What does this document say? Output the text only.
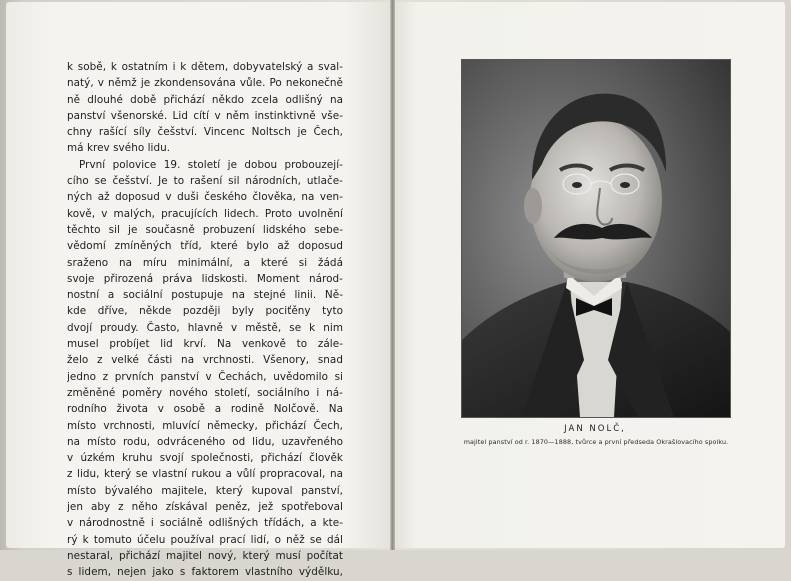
k sobě, k ostatním i k dětem, dobyvatelský a sval-
natý, v němž je zkondensována vůle. Po nekonečně
ně dlouhé době přichází někdo zcela odlišný na
panství všenorské. Lid cítí v něm instinktivně vše-
chny rašící síly češství. Vincenc Noltsch je Čech,
má krev svého lidu.
První polovice 19. století je dobou probouzejí-
cího se češství. Je to rašení sil národních, utlače-
ných až doposud v duši českého člověka, na ven-
kově, v malých, pracujících lidech. Proto uvolnění
těchto sil je současně probuzení lidského sebe-
vědomí zmíněných tříd, které bylo až doposud
sraženo na míru minimální, a které si žádá
svoje přirozená práva lidskosti. Moment národ-
nostní a sociální postupuje na stejné linii. Ně-
kde dříve, někde později byly pociťěny tyto
dvojí proudy. Často, hlavně v městě, se k nim
musel probíjet lid krví. Na venkově to zále-
želo z velké části na vrchnosti. Všenory, snad
jedno z prvních panství v Čechách, uvědomilo si
změněné poměry nového století, sociálního i ná-
rodního života v osobě a rodině Nolčově. Na
místo vrchnosti, mluvící německy, přichází Čech,
na místo rodu, odvráceného od lidu, uzavřeného
v úzkém kruhu svojí společnosti, přichází člověk
z lidu, který se vlastní rukou a vůlí propracoval, na
místo bývalého majitele, který kupoval panství,
jen aby z něho získával peněz, jež spotřeboval
v národnostně i sociálně odlišných třídách, a kte-
rý k tomuto účelu používal prací lidí, o něž se dál
nestaral, přichází majitel nový, který musí počítat
s lidem, nejen jako s faktorem vlastního výdělku,
JAN NOLČ,
majitel panství od r. 1870—1888, tvůrce a první předseda Okrašlovacího spolku.
